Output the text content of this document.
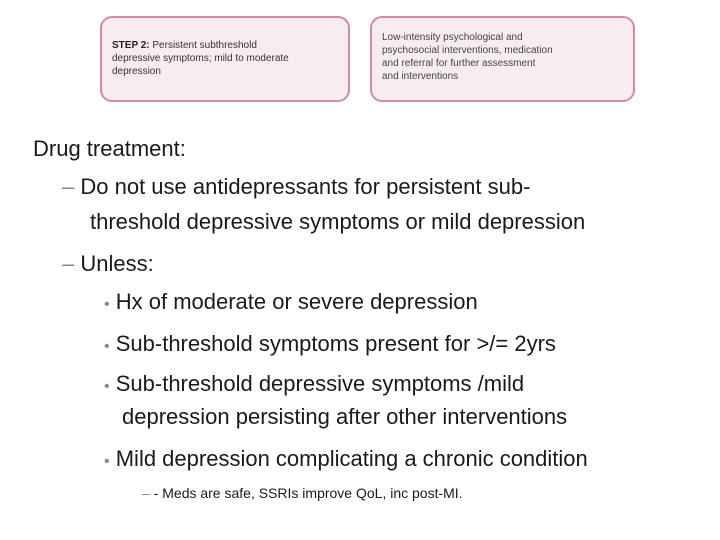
STEP 2: Persistent subthreshold
depressive symptoms; mild to moderate
depression
Low-intensity psychological and
psychosocial interventions, medication
and referral for further assessment
and interventions
Drug treatment:
– Do not use antidepressants for persistent sub-
threshold depressive symptoms or mild depression
– Unless:
• Hx of moderate or severe depression
• Sub-threshold symptoms present for >/= 2yrs
• Sub-threshold depressive symptoms /mild
depression persisting after other interventions
• Mild depression complicating a chronic condition
– - Meds are safe, SSRIs improve QoL, inc post-MI.
